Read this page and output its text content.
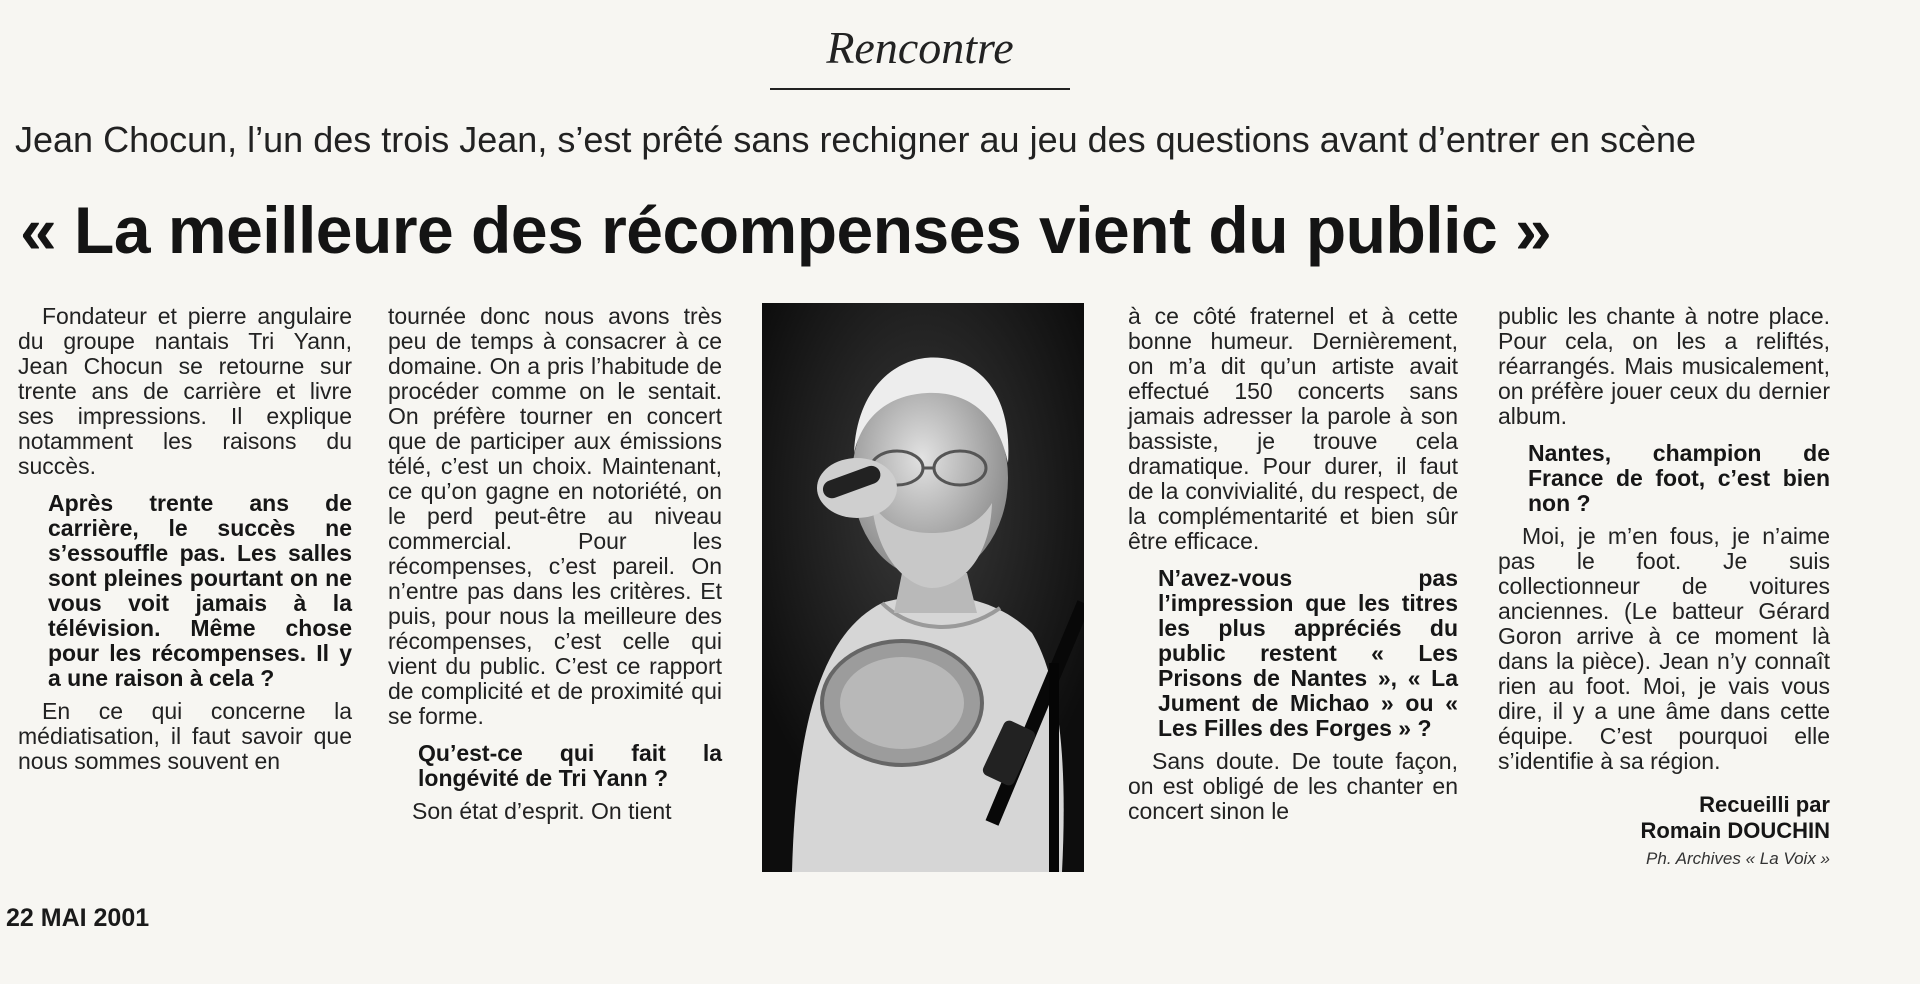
Rencontre
Jean Chocun, l’un des trois Jean, s’est prêté sans rechigner au jeu des questions avant d’entrer en scène
« La meilleure des récompenses vient du public »

Fondateur et pierre angulaire du groupe nantais Tri Yann, Jean Chocun se retourne sur trente ans de carrière et livre ses impressions. Il explique notamment les raisons du succès.

Après trente ans de carrière, le succès ne s’essouffle pas. Les salles sont pleines pourtant on ne vous voit jamais à la télévision. Même chose pour les récompenses. Il y a une raison à cela ?

En ce qui concerne la médiatisation, il faut savoir que nous sommes souvent en

tournée donc nous avons très peu de temps à consacrer à ce domaine. On a pris l’habitude de procéder comme on le sentait. On préfère tourner en concert que de participer aux émissions télé, c’est un choix. Maintenant, ce qu’on gagne en notoriété, on le perd peut-être au niveau commercial. Pour les récompenses, c’est pareil. On n’entre pas dans les critères. Et puis, pour nous la meilleure des récompenses, c’est celle qui vient du public. C’est ce rapport de complicité et de proximité qui se forme.

Qu’est-ce qui fait la longévité de Tri Yann ?

Son état d’esprit. On tient

à ce côté fraternel et à cette bonne humeur. Dernièrement, on m’a dit qu’un artiste avait effectué 150 concerts sans jamais adresser la parole à son bassiste, je trouve cela dramatique. Pour durer, il faut de la convivialité, du respect, de la complémentarité et bien sûr être efficace.

N’avez-vous pas l’impression que les titres les plus appréciés du public restent « Les Prisons de Nantes », « La Jument de Michao » ou « Les Filles des Forges » ?

Sans doute. De toute façon, on est obligé de les chanter en concert sinon le

public les chante à notre place. Pour cela, on les a reliftés, réarrangés. Mais musicalement, on préfère jouer ceux du dernier album.

Nantes, champion de France de foot, c’est bien non ?

Moi, je m’en fous, je n’aime pas le foot. Je suis collectionneur de voitures anciennes. (Le batteur Gérard Goron arrive à ce moment là dans la pièce). Jean n’y connaît rien au foot. Moi, je vais vous dire, il y a une âme dans cette équipe. C’est pourquoi elle s’identifie à sa région.

Recueilli par
Romain DOUCHIN
Ph. Archives « La Voix »
22 MAI 2001
